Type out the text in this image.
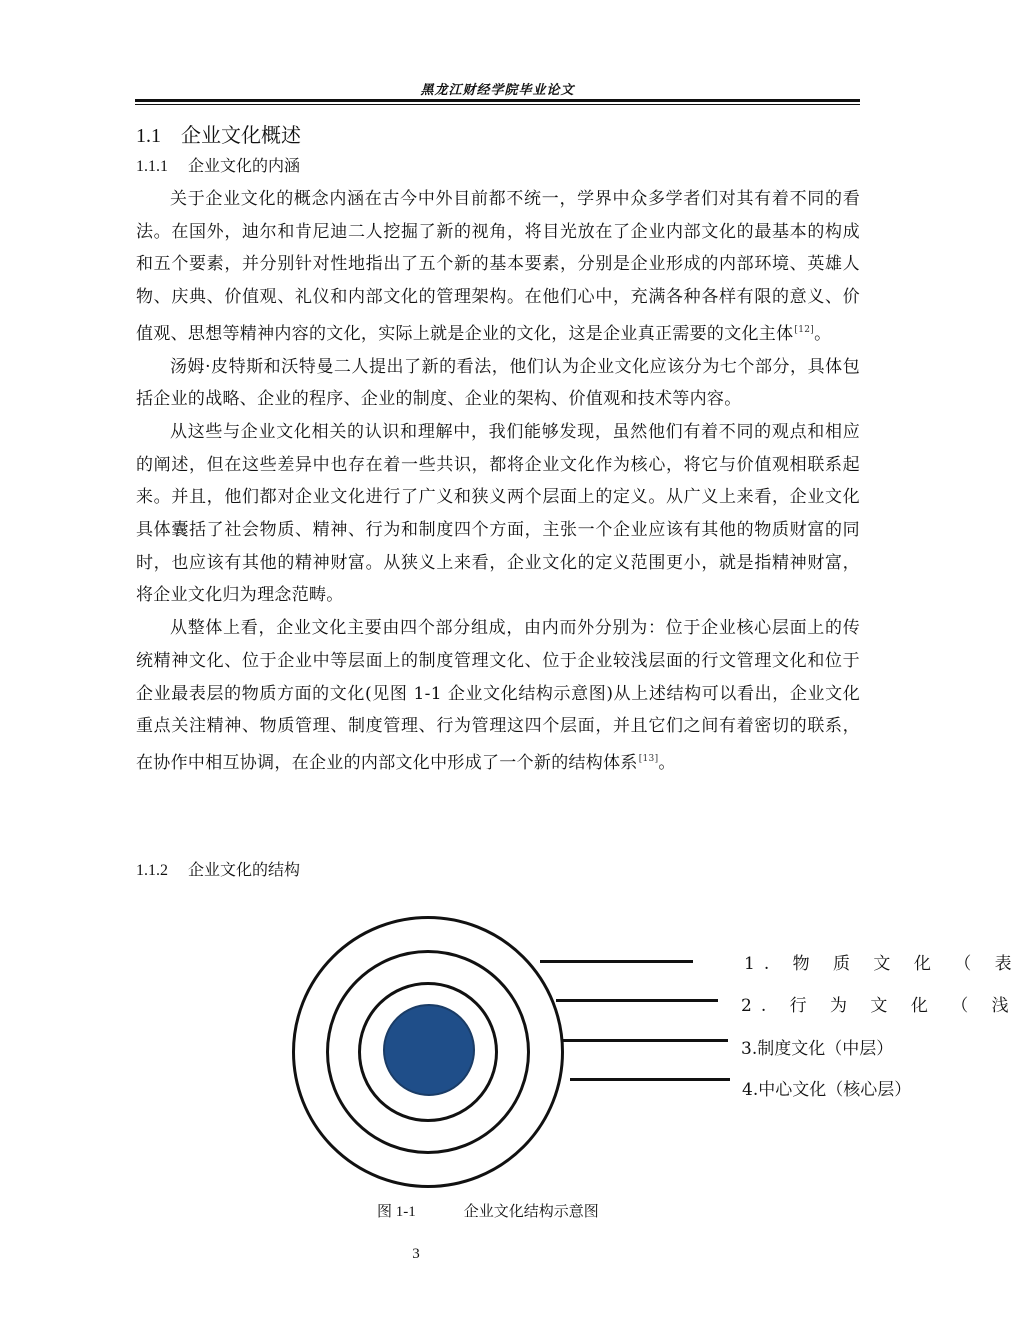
黑龙江财经学院毕业论文
1.1 企业文化概述
1.1.1 企业文化的内涵

关于企业文化的概念内涵在古今中外目前都不统一，学界中众多学者们对其有着不同的看法。在国外，迪尔和肯尼迪二人挖掘了新的视角，将目光放在了企业内部文化的最基本的构成和五个要素，并分别针对性地指出了五个新的基本要素，分别是企业形成的内部环境、英雄人物、庆典、价值观、礼仪和内部文化的管理架构。在他们心中，充满各种各样有限的意义、价值观、思想等精神内容的文化，实际上就是企业的文化，这是企业真正需要的文化主体[12]。

汤姆·皮特斯和沃特曼二人提出了新的看法，他们认为企业文化应该分为七个部分，具体包括企业的战略、企业的程序、企业的制度、企业的架构、价值观和技术等内容。

从这些与企业文化相关的认识和理解中，我们能够发现，虽然他们有着不同的观点和相应的阐述，但在这些差异中也存在着一些共识，都将企业文化作为核心，将它与价值观相联系起来。并且，他们都对企业文化进行了广义和狭义两个层面上的定义。从广义上来看，企业文化具体囊括了社会物质、精神、行为和制度四个方面，主张一个企业应该有其他的物质财富的同时，也应该有其他的精神财富。从狭义上来看，企业文化的定义范围更小，就是指精神财富，将企业文化归为理念范畴。

从整体上看，企业文化主要由四个部分组成，由内而外分别为：位于企业核心层面上的传统精神文化、位于企业中等层面上的制度管理文化、位于企业较浅层面的行文管理文化和位于企业最表层的物质方面的文化(见图 1-1 企业文化结构示意图)从上述结构可以看出，企业文化重点关注精神、物质管理、制度管理、行为管理这四个层面，并且它们之间有着密切的联系，在协作中相互协调，在企业的内部文化中形成了一个新的结构体系[13]。

1.1.2 企业文化的结构
1. 物 质 文 化 （ 表
2. 行 为 文 化 （ 浅
3.制度文化（中层）
4.中心文化（核心层）
图 1-1	企业文化结构示意图
3
